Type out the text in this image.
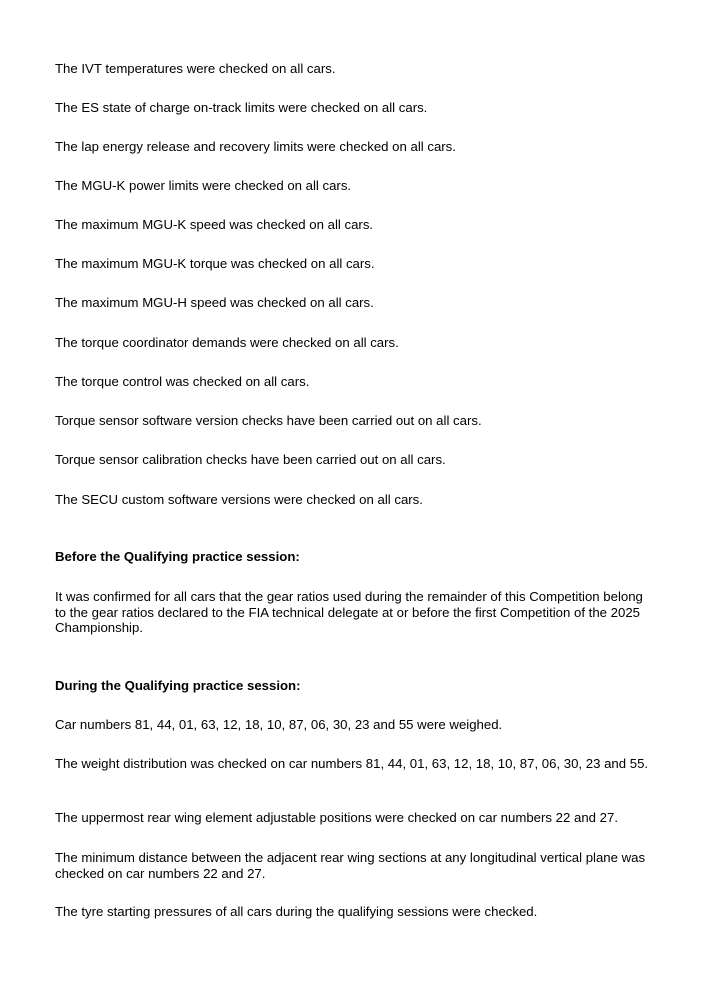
The IVT temperatures were checked on all cars.

The ES state of charge on-track limits were checked on all cars.

The lap energy release and recovery limits were checked on all cars.

The MGU-K power limits were checked on all cars.

The maximum MGU-K speed was checked on all cars.

The maximum MGU-K torque was checked on all cars.

The maximum MGU-H speed was checked on all cars.

The torque coordinator demands were checked on all cars.

The torque control was checked on all cars.

Torque sensor software version checks have been carried out on all cars.

Torque sensor calibration checks have been carried out on all cars.

The SECU custom software versions were checked on all cars.

Before the Qualifying practice session:

It was confirmed for all cars that the gear ratios used during the remainder of this Competition belong to the gear ratios declared to the FIA technical delegate at or before the first Competition of the 2025 Championship.

During the Qualifying practice session:

Car numbers 81, 44, 01, 63, 12, 18, 10, 87, 06, 30, 23 and 55 were weighed.

The weight distribution was checked on car numbers 81, 44, 01, 63, 12, 18, 10, 87, 06, 30, 23 and 55.

The uppermost rear wing element adjustable positions were checked on car numbers 22 and 27.

The minimum distance between the adjacent rear wing sections at any longitudinal vertical plane was checked on car numbers 22 and 27.

The tyre starting pressures of all cars during the qualifying sessions were checked.
